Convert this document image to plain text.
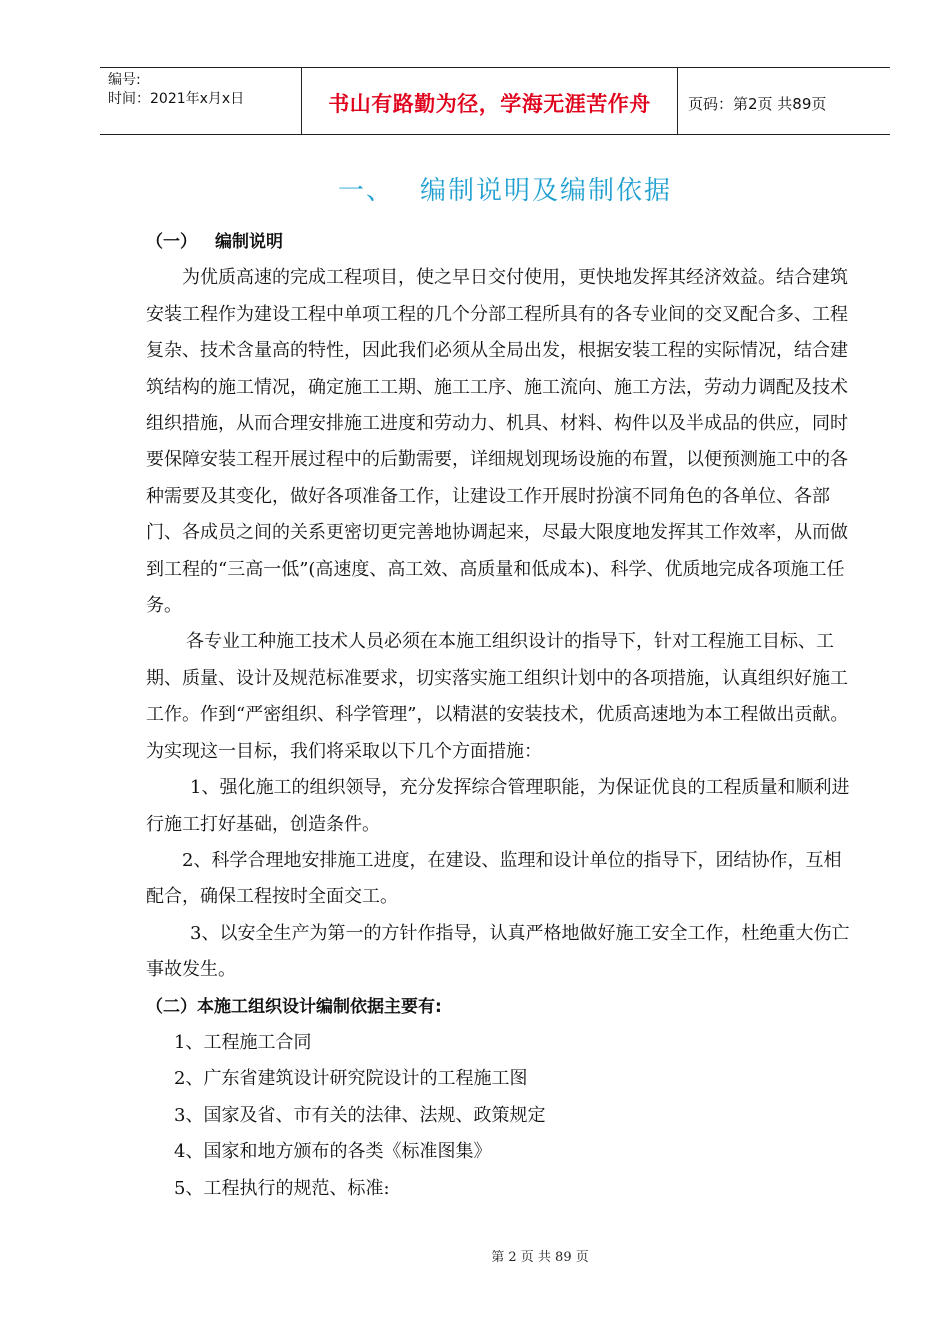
编号:
时间：2021年x月x日	书山有路勤为径，学海无涯苦作舟 页码：第2页 共89页
一、 编制说明及编制依据

（一） 编制说明

为优质高速的完成工程项目，使之早日交付使用，更快地发挥其经济效益。结合建筑安装工程作为建设工程中单项工程的几个分部工程所具有的各专业间的交叉配合多、工程复杂、技术含量高的特性，因此我们必须从全局出发，根据安装工程的实际情况，结合建筑结构的施工情况，确定施工工期、施工工序、施工流向、施工方法，劳动力调配及技术组织措施，从而合理安排施工进度和劳动力、机具、材料、构件以及半成品的供应，同时要保障安装工程开展过程中的后勤需要，详细规划现场设施的布置，以便预测施工中的各种需要及其变化，做好各项准备工作，让建设工作开展时扮演不同角色的各单位、各部门、各成员之间的关系更密切更完善地协调起来，尽最大限度地发挥其工作效率，从而做到工程的“三高一低”(高速度、高工效、高质量和低成本)、科学、优质地完成各项施工任务。

各专业工种施工技术人员必须在本施工组织设计的指导下，针对工程施工目标、工期、质量、设计及规范标准要求，切实落实施工组织计划中的各项措施，认真组织好施工工作。作到“严密组织、科学管理”，以精湛的安装技术，优质高速地为本工程做出贡献。为实现这一目标，我们将采取以下几个方面措施：

1、强化施工的组织领导，充分发挥综合管理职能，为保证优良的工程质量和顺利进行施工打好基础，创造条件。

2、科学合理地安排施工进度，在建设、监理和设计单位的指导下，团结协作，互相配合，确保工程按时全面交工。

3、以安全生产为第一的方针作指导，认真严格地做好施工安全工作，杜绝重大伤亡事故发生。

（二）本施工组织设计编制依据主要有:

1、工程施工合同

2、广东省建筑设计研究院设计的工程施工图

3、国家及省、市有关的法律、法规、政策规定

4、国家和地方颁布的各类《标准图集》

5、工程执行的规范、标准:

第 2 页 共 89 页
